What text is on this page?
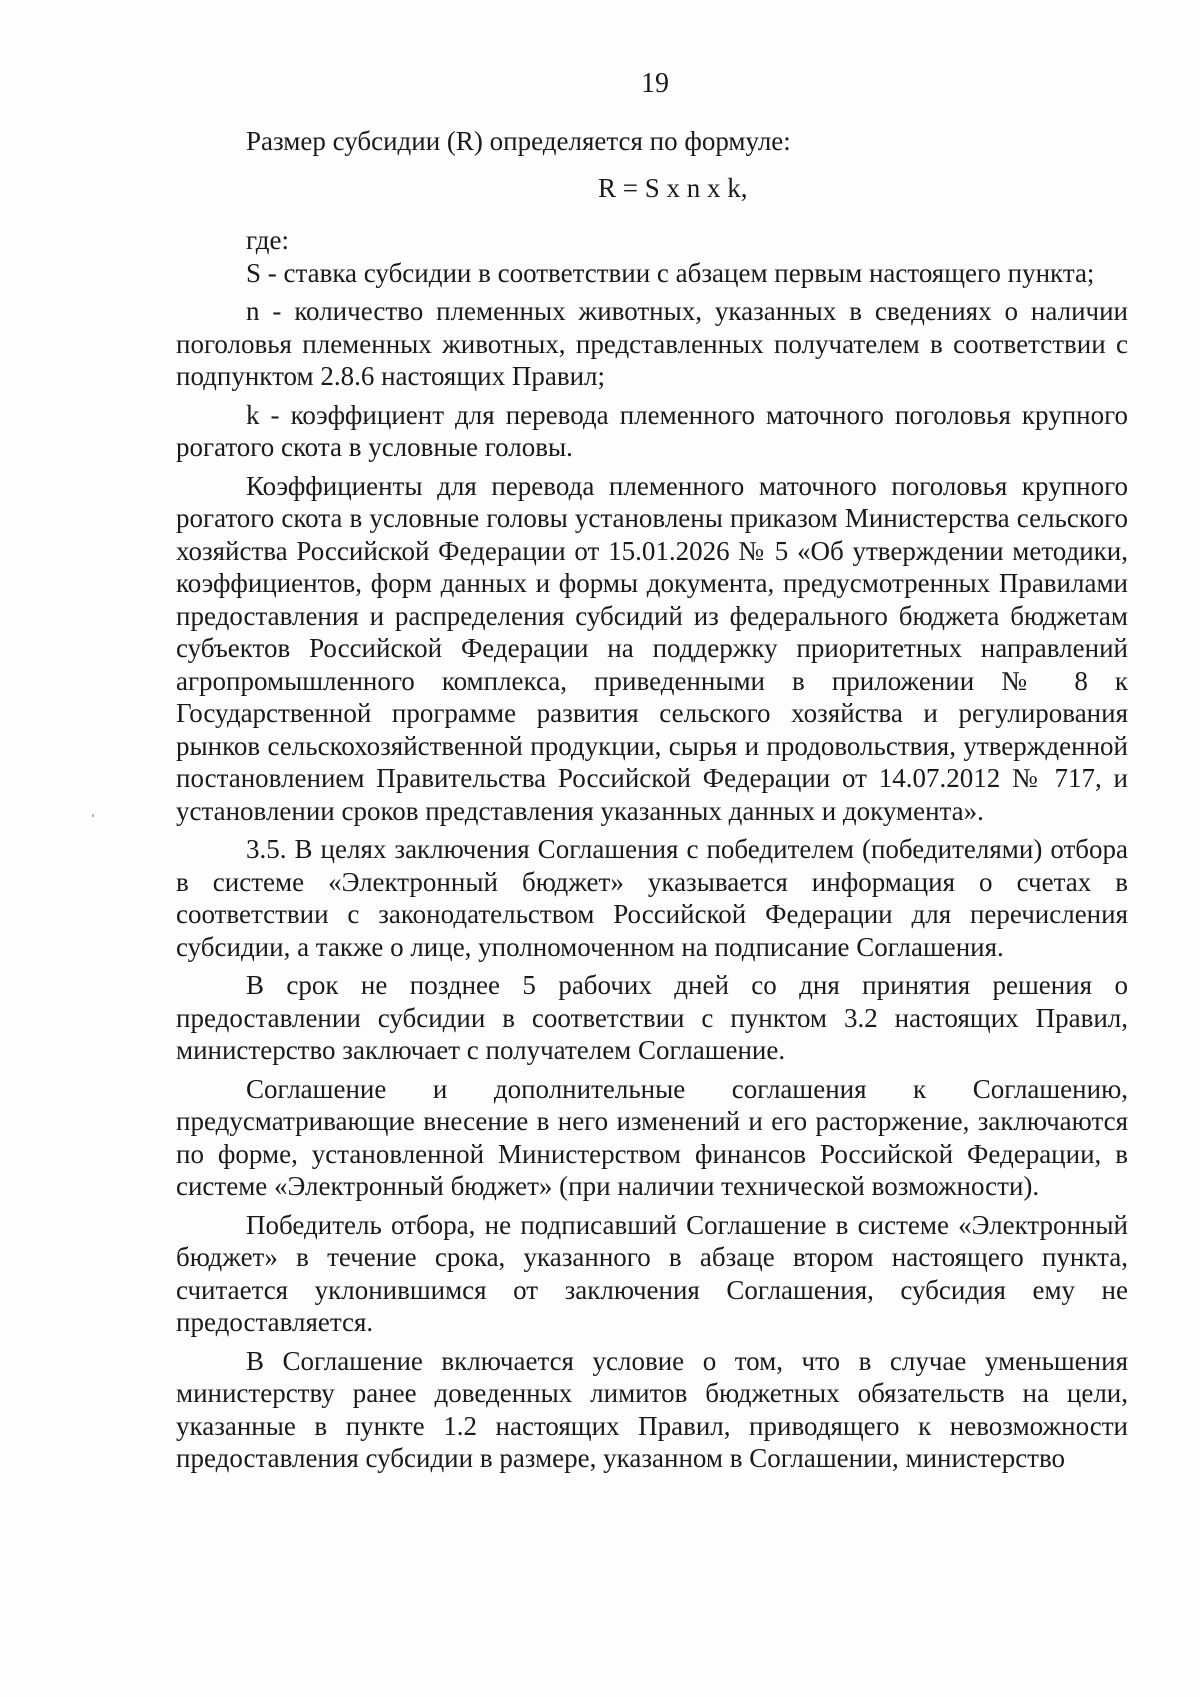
19

Размер субсидии (R) определяется по формуле:

R = S x n x k,

где:

S - ставка субсидии в соответствии с абзацем первым настоящего пункта;

n - количество племенных животных, указанных в сведениях о наличии поголовья племенных животных, представленных получателем в соответствии с подпунктом 2.8.6 настоящих Правил;

k - коэффициент для перевода племенного маточного поголовья крупного рогатого скота в условные головы.

Коэффициенты для перевода племенного маточного поголовья крупного рогатого скота в условные головы установлены приказом Министерства сельского хозяйства Российской Федерации от 15.01.2026 № 5 «Об утверждении методики, коэффициентов, форм данных и формы документа, предусмотренных Правилами предоставления и распределения субсидий из федерального бюджета бюджетам субъектов Российской Федерации на поддержку приоритетных направлений агропромышленного комплекса, приведенными в приложении № 8 к Государственной программе развития сельского хозяйства и регулирования рынков сельскохозяйственной продукции, сырья и продовольствия, утвержденной постановлением Правительства Российской Федерации от 14.07.2012 № 717, и установлении сроков представления указанных данных и документа».

3.5. В целях заключения Соглашения с победителем (победителями) отбора в системе «Электронный бюджет» указывается информация о счетах в соответствии с законодательством Российской Федерации для перечисления субсидии, а также о лице, уполномоченном на подписание Соглашения.

В срок не позднее 5 рабочих дней со дня принятия решения о предоставлении субсидии в соответствии с пунктом 3.2 настоящих Правил, министерство заключает с получателем Соглашение.

Соглашение и дополнительные соглашения к Соглашению, предусматривающие внесение в него изменений и его расторжение, заключаются по форме, установленной Министерством финансов Российской Федерации, в системе «Электронный бюджет» (при наличии технической возможности).

Победитель отбора, не подписавший Соглашение в системе «Электронный бюджет» в течение срока, указанного в абзаце втором настоящего пункта, считается уклонившимся от заключения Соглашения, субсидия ему не предоставляется.

В Соглашение включается условие о том, что в случае уменьшения министерству ранее доведенных лимитов бюджетных обязательств на цели, указанные в пункте 1.2 настоящих Правил, приводящего к невозможности предоставления субсидии в размере, указанном в Соглашении, министерство
